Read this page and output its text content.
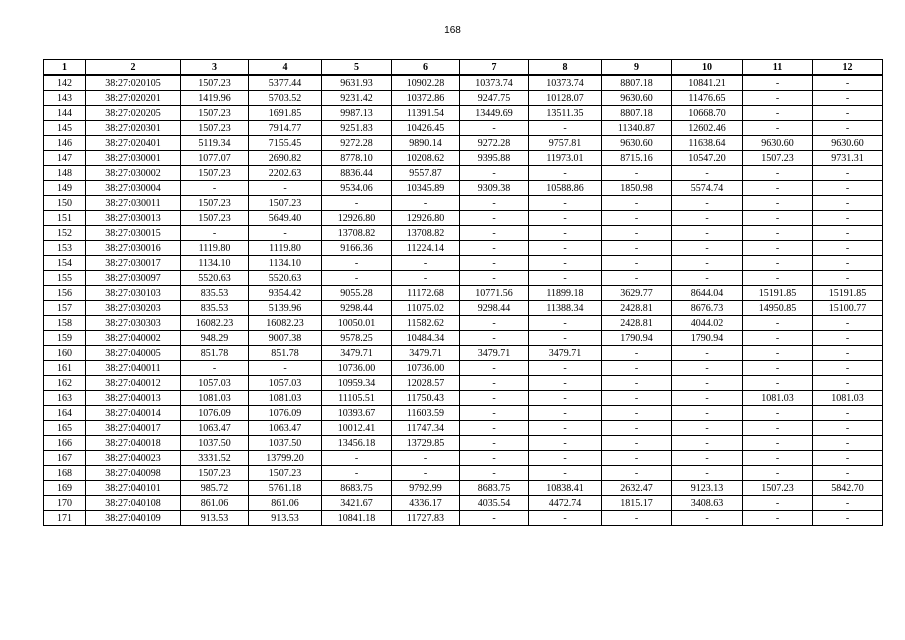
168
1	2	3	4	5	6	7	8	9	10	11	12
142	38:27:020105	1507.23	5377.44	9631.93	10902.28	10373.74	10373.74	8807.18	10841.21	-	-
143	38:27:020201	1419.96	5703.52	9231.42	10372.86	9247.75	10128.07	9630.60	11476.65	-	-
144	38:27:020205	1507.23	1691.85	9987.13	11391.54	13449.69	13511.35	8807.18	10668.70	-	-
145	38:27:020301	1507.23	7914.77	9251.83	10426.45	-	-	11340.87	12602.46	-	-
146	38:27:020401	5119.34	7155.45	9272.28	9890.14	9272.28	9757.81	9630.60	11638.64	9630.60	9630.60
147	38:27:030001	1077.07	2690.82	8778.10	10208.62	9395.88	11973.01	8715.16	10547.20	1507.23	9731.31
148	38:27:030002	1507.23	2202.63	8836.44	9557.87	-	-	-	-	-	-
149	38:27:030004	-	-	9534.06	10345.89	9309.38	10588.86	1850.98	5574.74	-	-
150	38:27:030011	1507.23	1507.23	-	-	-	-	-	-	-	-
151	38:27:030013	1507.23	5649.40	12926.80	12926.80	-	-	-	-	-	-
152	38:27:030015	-	-	13708.82	13708.82	-	-	-	-	-	-
153	38:27:030016	1119.80	1119.80	9166.36	11224.14	-	-	-	-	-	-
154	38:27:030017	1134.10	1134.10	-	-	-	-	-	-	-	-
155	38:27:030097	5520.63	5520.63	-	-	-	-	-	-	-	-
156	38:27:030103	835.53	9354.42	9055.28	11172.68	10771.56	11899.18	3629.77	8644.04	15191.85	15191.85
157	38:27:030203	835.53	5139.96	9298.44	11075.02	9298.44	11388.34	2428.81	8676.73	14950.85	15100.77
158	38:27:030303	16082.23	16082.23	10050.01	11582.62	-	-	2428.81	4044.02	-	-
159	38:27:040002	948.29	9007.38	9578.25	10484.34	-	-	1790.94	1790.94	-	-
160	38:27:040005	851.78	851.78	3479.71	3479.71	3479.71	3479.71	-	-	-	-
161	38:27:040011	-	-	10736.00	10736.00	-	-	-	-	-	-
162	38:27:040012	1057.03	1057.03	10959.34	12028.57	-	-	-	-	-	-
163	38:27:040013	1081.03	1081.03	11105.51	11750.43	-	-	-	-	1081.03	1081.03
164	38:27:040014	1076.09	1076.09	10393.67	11603.59	-	-	-	-	-	-
165	38:27:040017	1063.47	1063.47	10012.41	11747.34	-	-	-	-	-	-
166	38:27:040018	1037.50	1037.50	13456.18	13729.85	-	-	-	-	-	-
167	38:27:040023	3331.52	13799.20	-	-	-	-	-	-	-	-
168	38:27:040098	1507.23	1507.23	-	-	-	-	-	-	-	-
169	38:27:040101	985.72	5761.18	8683.75	9792.99	8683.75	10838.41	2632.47	9123.13	1507.23	5842.70
170	38:27:040108	861.06	861.06	3421.67	4336.17	4035.54	4472.74	1815.17	3408.63	-	-
171	38:27:040109	913.53	913.53	10841.18	11727.83	-	-	-	-	-	-
